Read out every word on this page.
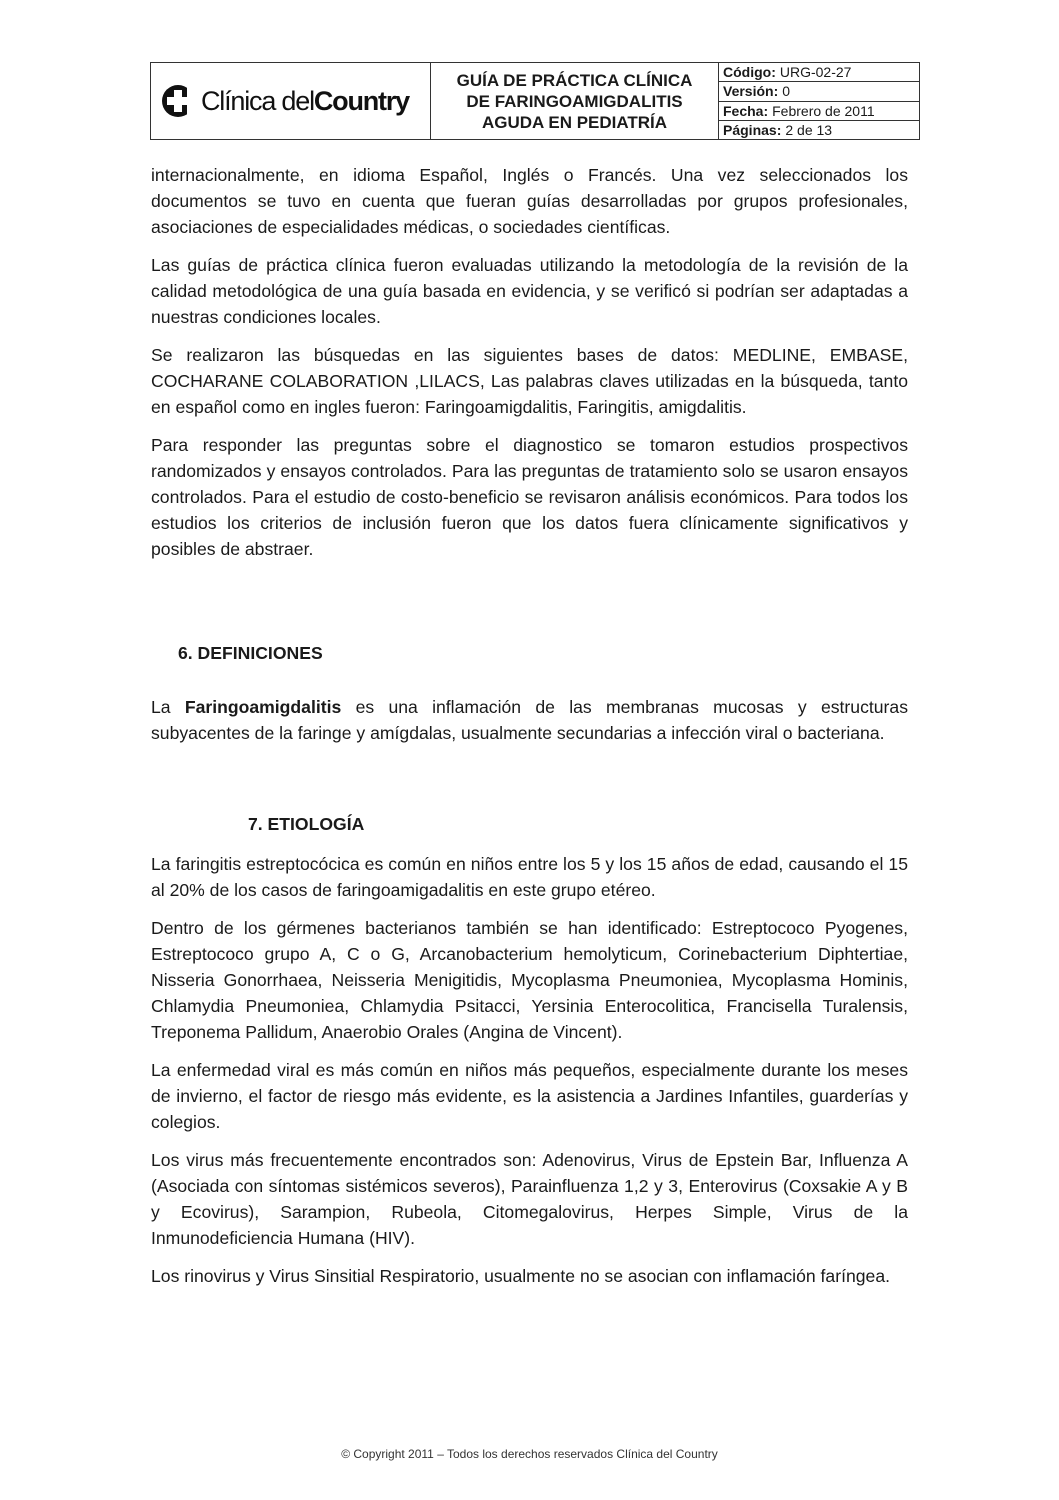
Clínica delCountry
GUÍA DE PRÁCTICA CLÍNICA
DE FARINGOAMIGDALITIS
AGUDA EN PEDIATRÍA
Código: URG-02-27
Versión: 0
Fecha: Febrero de 2011
Páginas: 2 de 13

internacionalmente, en idioma Español, Inglés o Francés. Una vez seleccionados los documentos se tuvo en cuenta que fueran guías desarrolladas por grupos profesionales, asociaciones de especialidades médicas, o sociedades científicas.

Las guías de práctica clínica fueron evaluadas utilizando la metodología de la revisión de la calidad metodológica de una guía basada en evidencia, y se verificó si podrían ser adaptadas a nuestras condiciones locales.

Se realizaron las búsquedas en las siguientes bases de datos: MEDLINE, EMBASE, COCHARANE COLABORATION ,LILACS, Las palabras claves utilizadas en la búsqueda, tanto en español como en ingles fueron: Faringoamigdalitis, Faringitis, amigdalitis.

Para responder las preguntas sobre el diagnostico se tomaron estudios prospectivos randomizados y ensayos controlados. Para las preguntas de tratamiento solo se usaron ensayos controlados. Para el estudio de costo-beneficio se revisaron análisis económicos. Para todos los estudios los criterios de inclusión fueron que los datos fuera clínicamente significativos y posibles de abstraer.

6. DEFINICIONES

La Faringoamigdalitis es una inflamación de las membranas mucosas y estructuras subyacentes de la faringe y amígdalas, usualmente secundarias a infección viral o bacteriana.

7. ETIOLOGÍA

La faringitis estreptocócica es común en niños entre los 5 y los 15 años de edad, causando el 15 al 20% de los casos de faringoamigadalitis en este grupo etéreo.

Dentro de los gérmenes bacterianos también se han identificado: Estreptococo Pyogenes, Estreptococo grupo A, C o G, Arcanobacterium hemolyticum, Corinebacterium Diphtertiae, Nisseria Gonorrhaea, Neisseria Menigitidis, Mycoplasma Pneumoniea, Mycoplasma Hominis, Chlamydia Pneumoniea, Chlamydia Psitacci, Yersinia Enterocolitica, Francisella Turalensis, Treponema Pallidum, Anaerobio Orales (Angina de Vincent).

La enfermedad viral es más común en niños más pequeños, especialmente durante los meses de invierno, el factor de riesgo más evidente, es la asistencia a Jardines Infantiles, guarderías y colegios.

Los virus más frecuentemente encontrados son: Adenovirus, Virus de Epstein Bar, Influenza A (Asociada con síntomas sistémicos severos), Parainfluenza 1,2 y 3, Enterovirus (Coxsakie A y B y Ecovirus), Sarampion, Rubeola, Citomegalovirus, Herpes Simple, Virus de la Inmunodeficiencia Humana (HIV).

Los rinovirus y Virus Sinsitial Respiratorio, usualmente no se asocian con inflamación faríngea.

© Copyright 2011 – Todos los derechos reservados Clínica del Country
